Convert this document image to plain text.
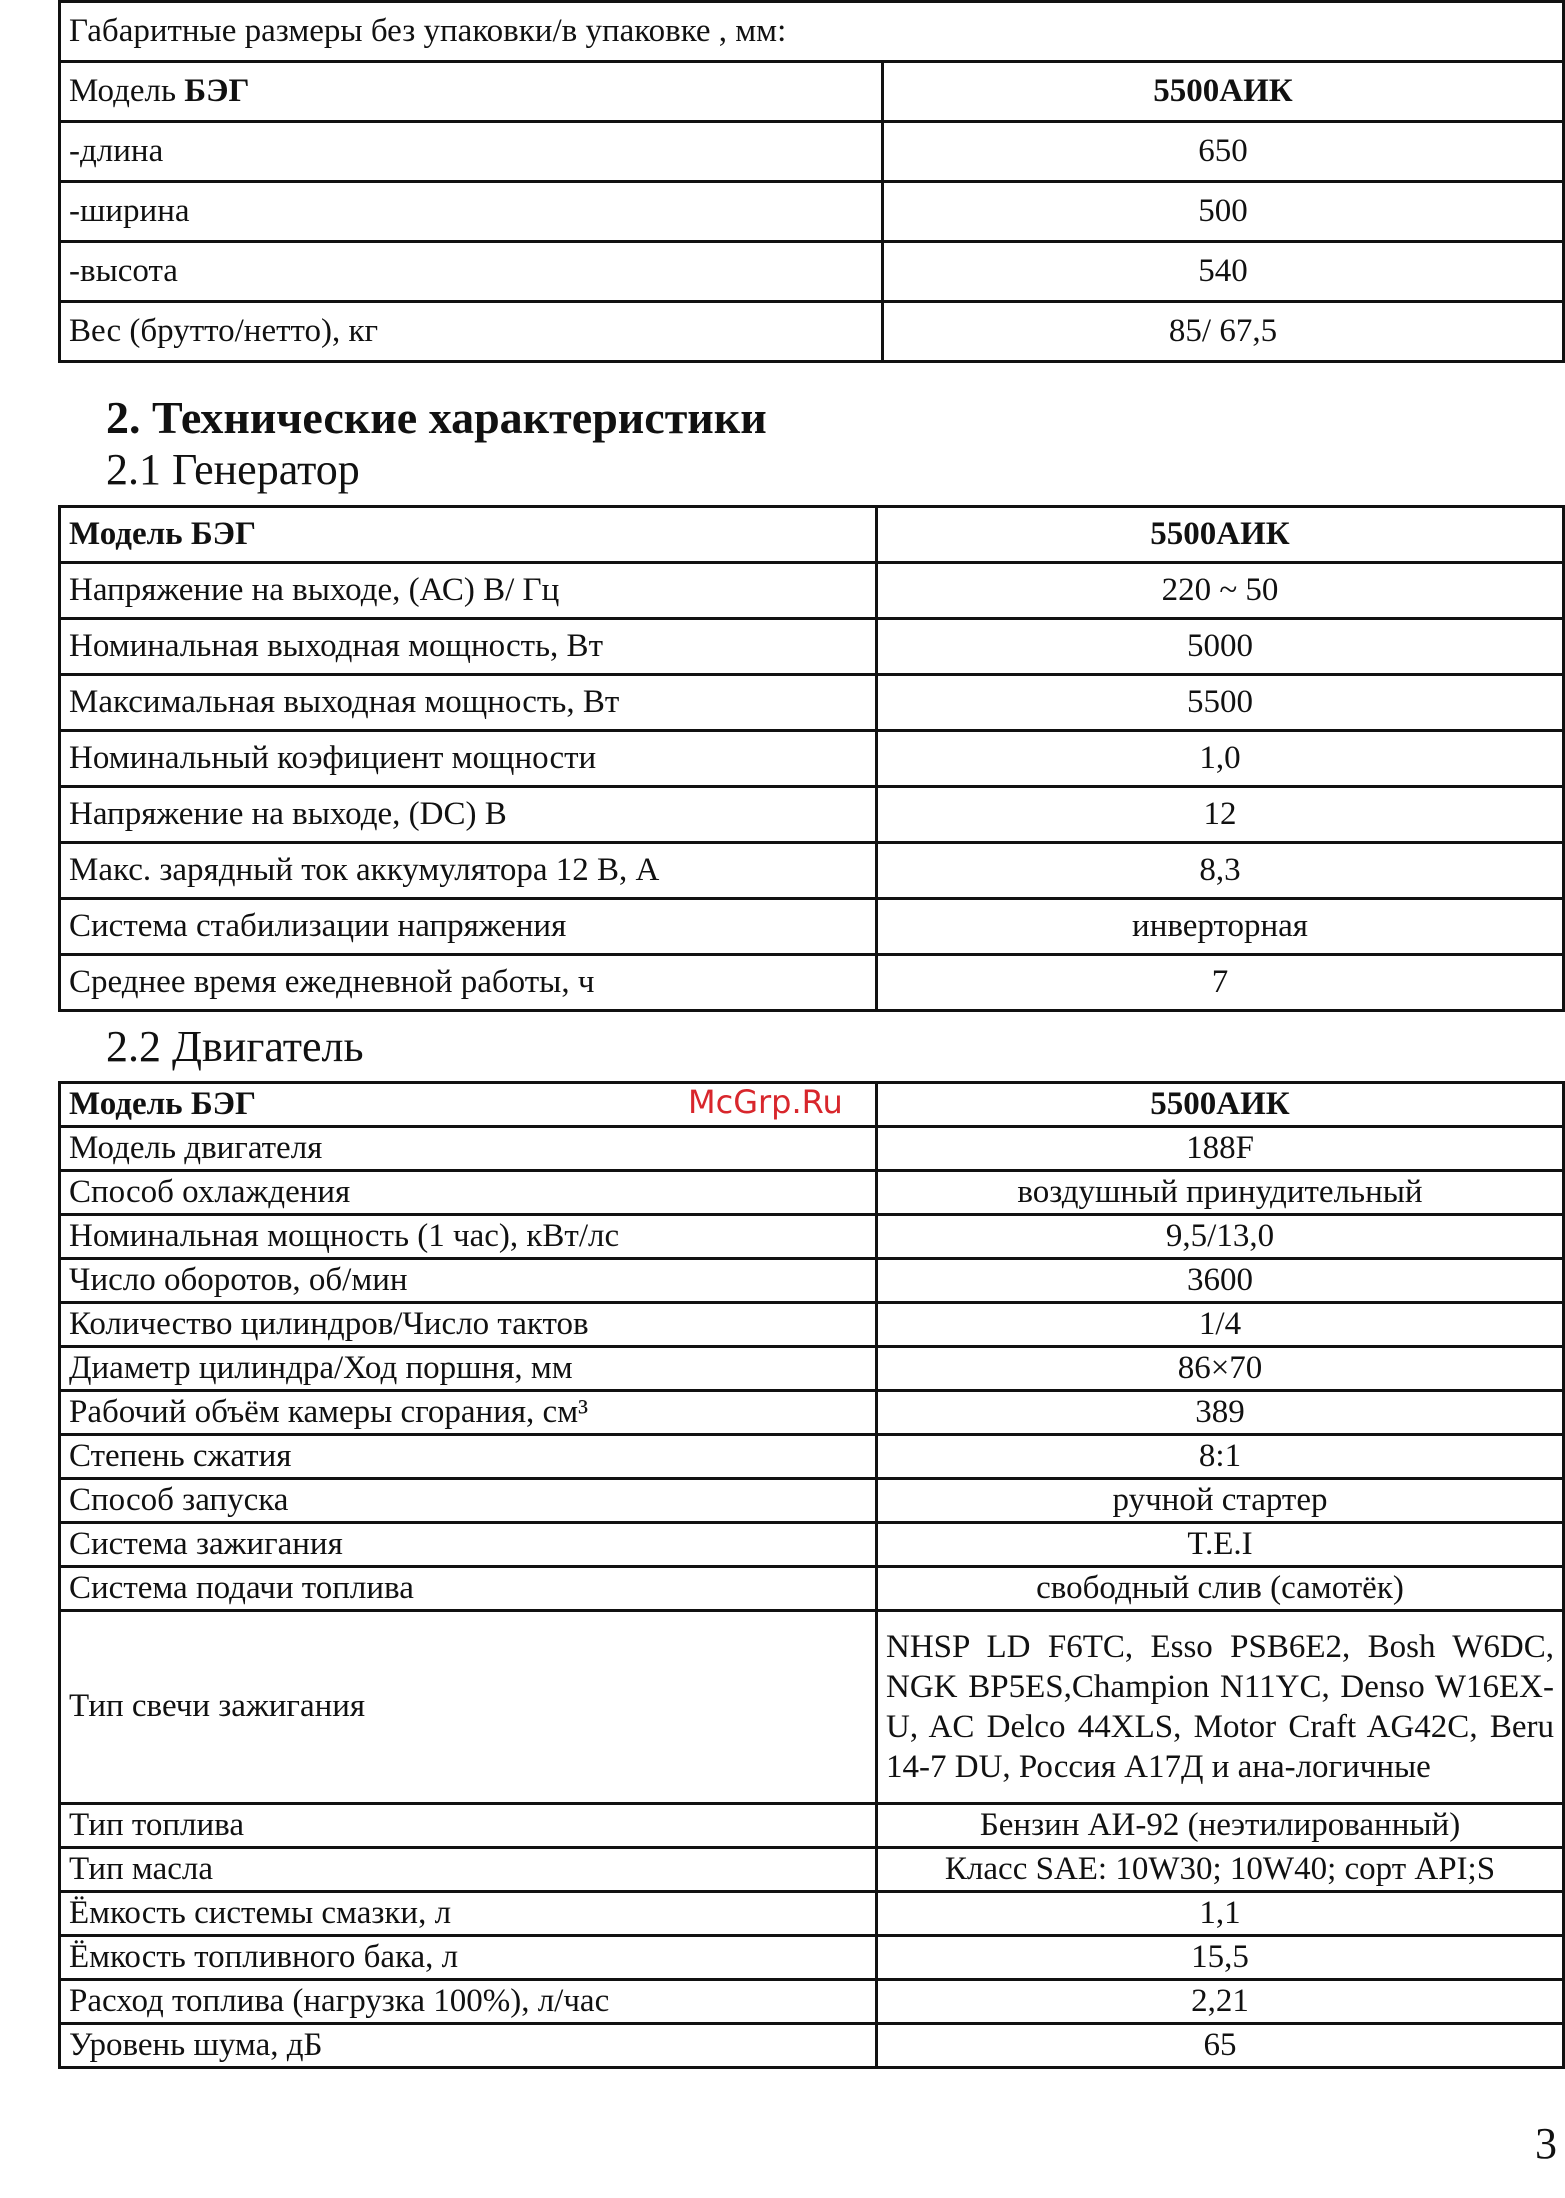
Габаритные размеры без упаковки/в упаковке , мм:	
Модель БЭГ	5500АИК
-длина	650
-ширина	500
-высота	540
Вес (брутто/нетто), кг	85/ 67,5
2. Технические характеристики
2.1 Генератор
Модель БЭГ	5500АИК
Напряжение на выходе, (АС) В/ Гц	220 ~ 50
Номинальная выходная мощность, Вт	5000
Максимальная выходная мощность, Вт	5500
Номинальный коэфициент мощности	1,0
Напряжение на выходе, (DC) В	12
Макс. зарядный ток аккумулятора 12 В, А	8,3
Система стабилизации напряжения	инверторная
Среднее время ежедневной работы, ч	7
2.2 Двигатель
Модель БЭГ	5500АИК
Модель двигателя	188F
Способ охлаждения	воздушный принудительный
Номинальная мощность (1 час), кВт/лс	9,5/13,0
Число оборотов, об/мин	3600
Количество цилиндров/Число тактов	1/4
Диаметр цилиндра/Ход поршня, мм	86×70
Рабочий объём камеры сгорания, см³	389
Степень сжатия	8:1
Способ запуска	ручной стартер
Система зажигания	T.E.I
Система подачи топлива	свободный слив (самотёк)
Тип свечи зажигания	NHSP LD F6TC, Esso PSB6E2, Bosh W6DC, NGK BP5ES,Champion N11YC, Denso W16EX-U, AC Delco 44XLS, Motor Craft AG42C, Beru 14-7 DU, Россия А17Д и ана-логичные
Тип топлива	Бензин АИ-92 (неэтилированный)
Тип масла	Класс SAE: 10W30; 10W40; сорт API;S
Ёмкость системы смазки, л	1,1
Ёмкость топливного бака, л	15,5
Расход топлива (нагрузка 100%), л/час	2,21
Уровень шума, дБ	65
McGrp.Ru
3
